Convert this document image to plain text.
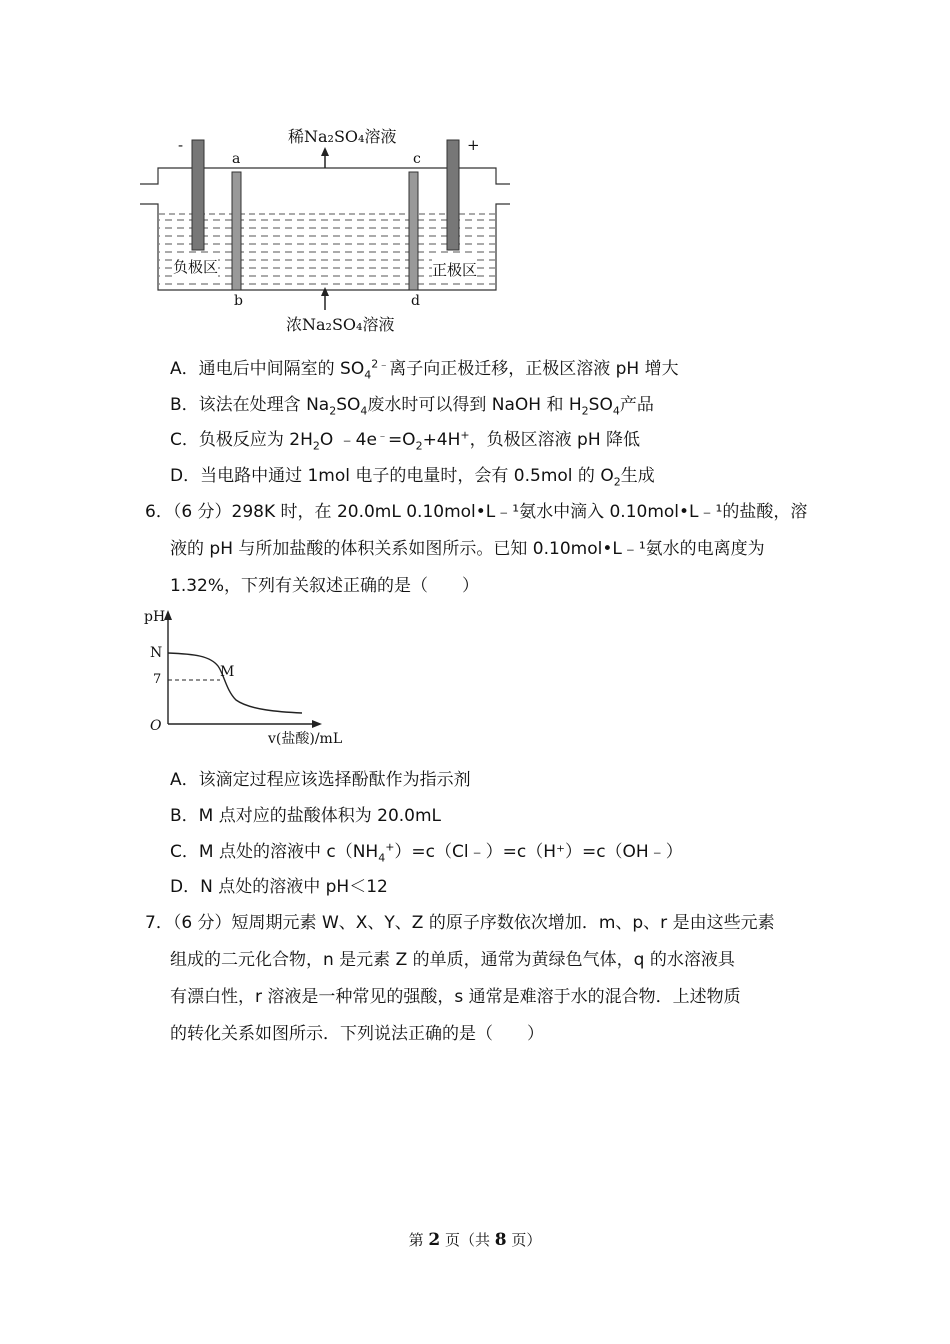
稀Na₂SO₄溶液
浓Na₂SO₄溶液
-	+
a
b
c
d
负极区	正极区
A．通电后中间隔室的 $SO_4^{2﹣}$离子向正极迁移，正极区溶液 pH 增大
B．该法在处理含 $Na_2SO_4$废水时可以得到 NaOH 和 $H_2SO_4$产品
C．负极反应为 $2H_2O$ $﹣4e^﹣=O_2+4H^+$，负极区溶液 pH 降低
D．当电路中通过 1mol 电子的电量时，会有 0.5mol 的 $O_2$生成
6．（6 分）298K 时，在 20.0mL 0.10mol•L﹣¹氨水中滴入 0.10mol•L﹣¹的盐酸，溶
液的 pH 与所加盐酸的体积关系如图所示。已知 0.10mol•L﹣¹氨水的电离度为
1.32%，下列有关叙述正确的是（　　）
pH
N
7	M
O
v(盐酸)/mL
A．该滴定过程应该选择酚酞作为指示剂
B．M 点对应的盐酸体积为 20.0mL
C．M 点处的溶液中 $c(NH_4^+)=c(Cl﹣)=c(H^+)=c(OH﹣)$
D．N 点处的溶液中 pH＜12
7．（6 分）短周期元素 W、X、Y、Z 的原子序数依次增加．m、p、r 是由这些元素
组成的二元化合物，n 是元素 Z 的单质，通常为黄绿色气体，q 的水溶液具
有漂白性，r 溶液是一种常见的强酸，s 通常是难溶于水的混合物．上述物质
的转化关系如图所示．下列说法正确的是（　　）
第 2 页（共 8 页）
